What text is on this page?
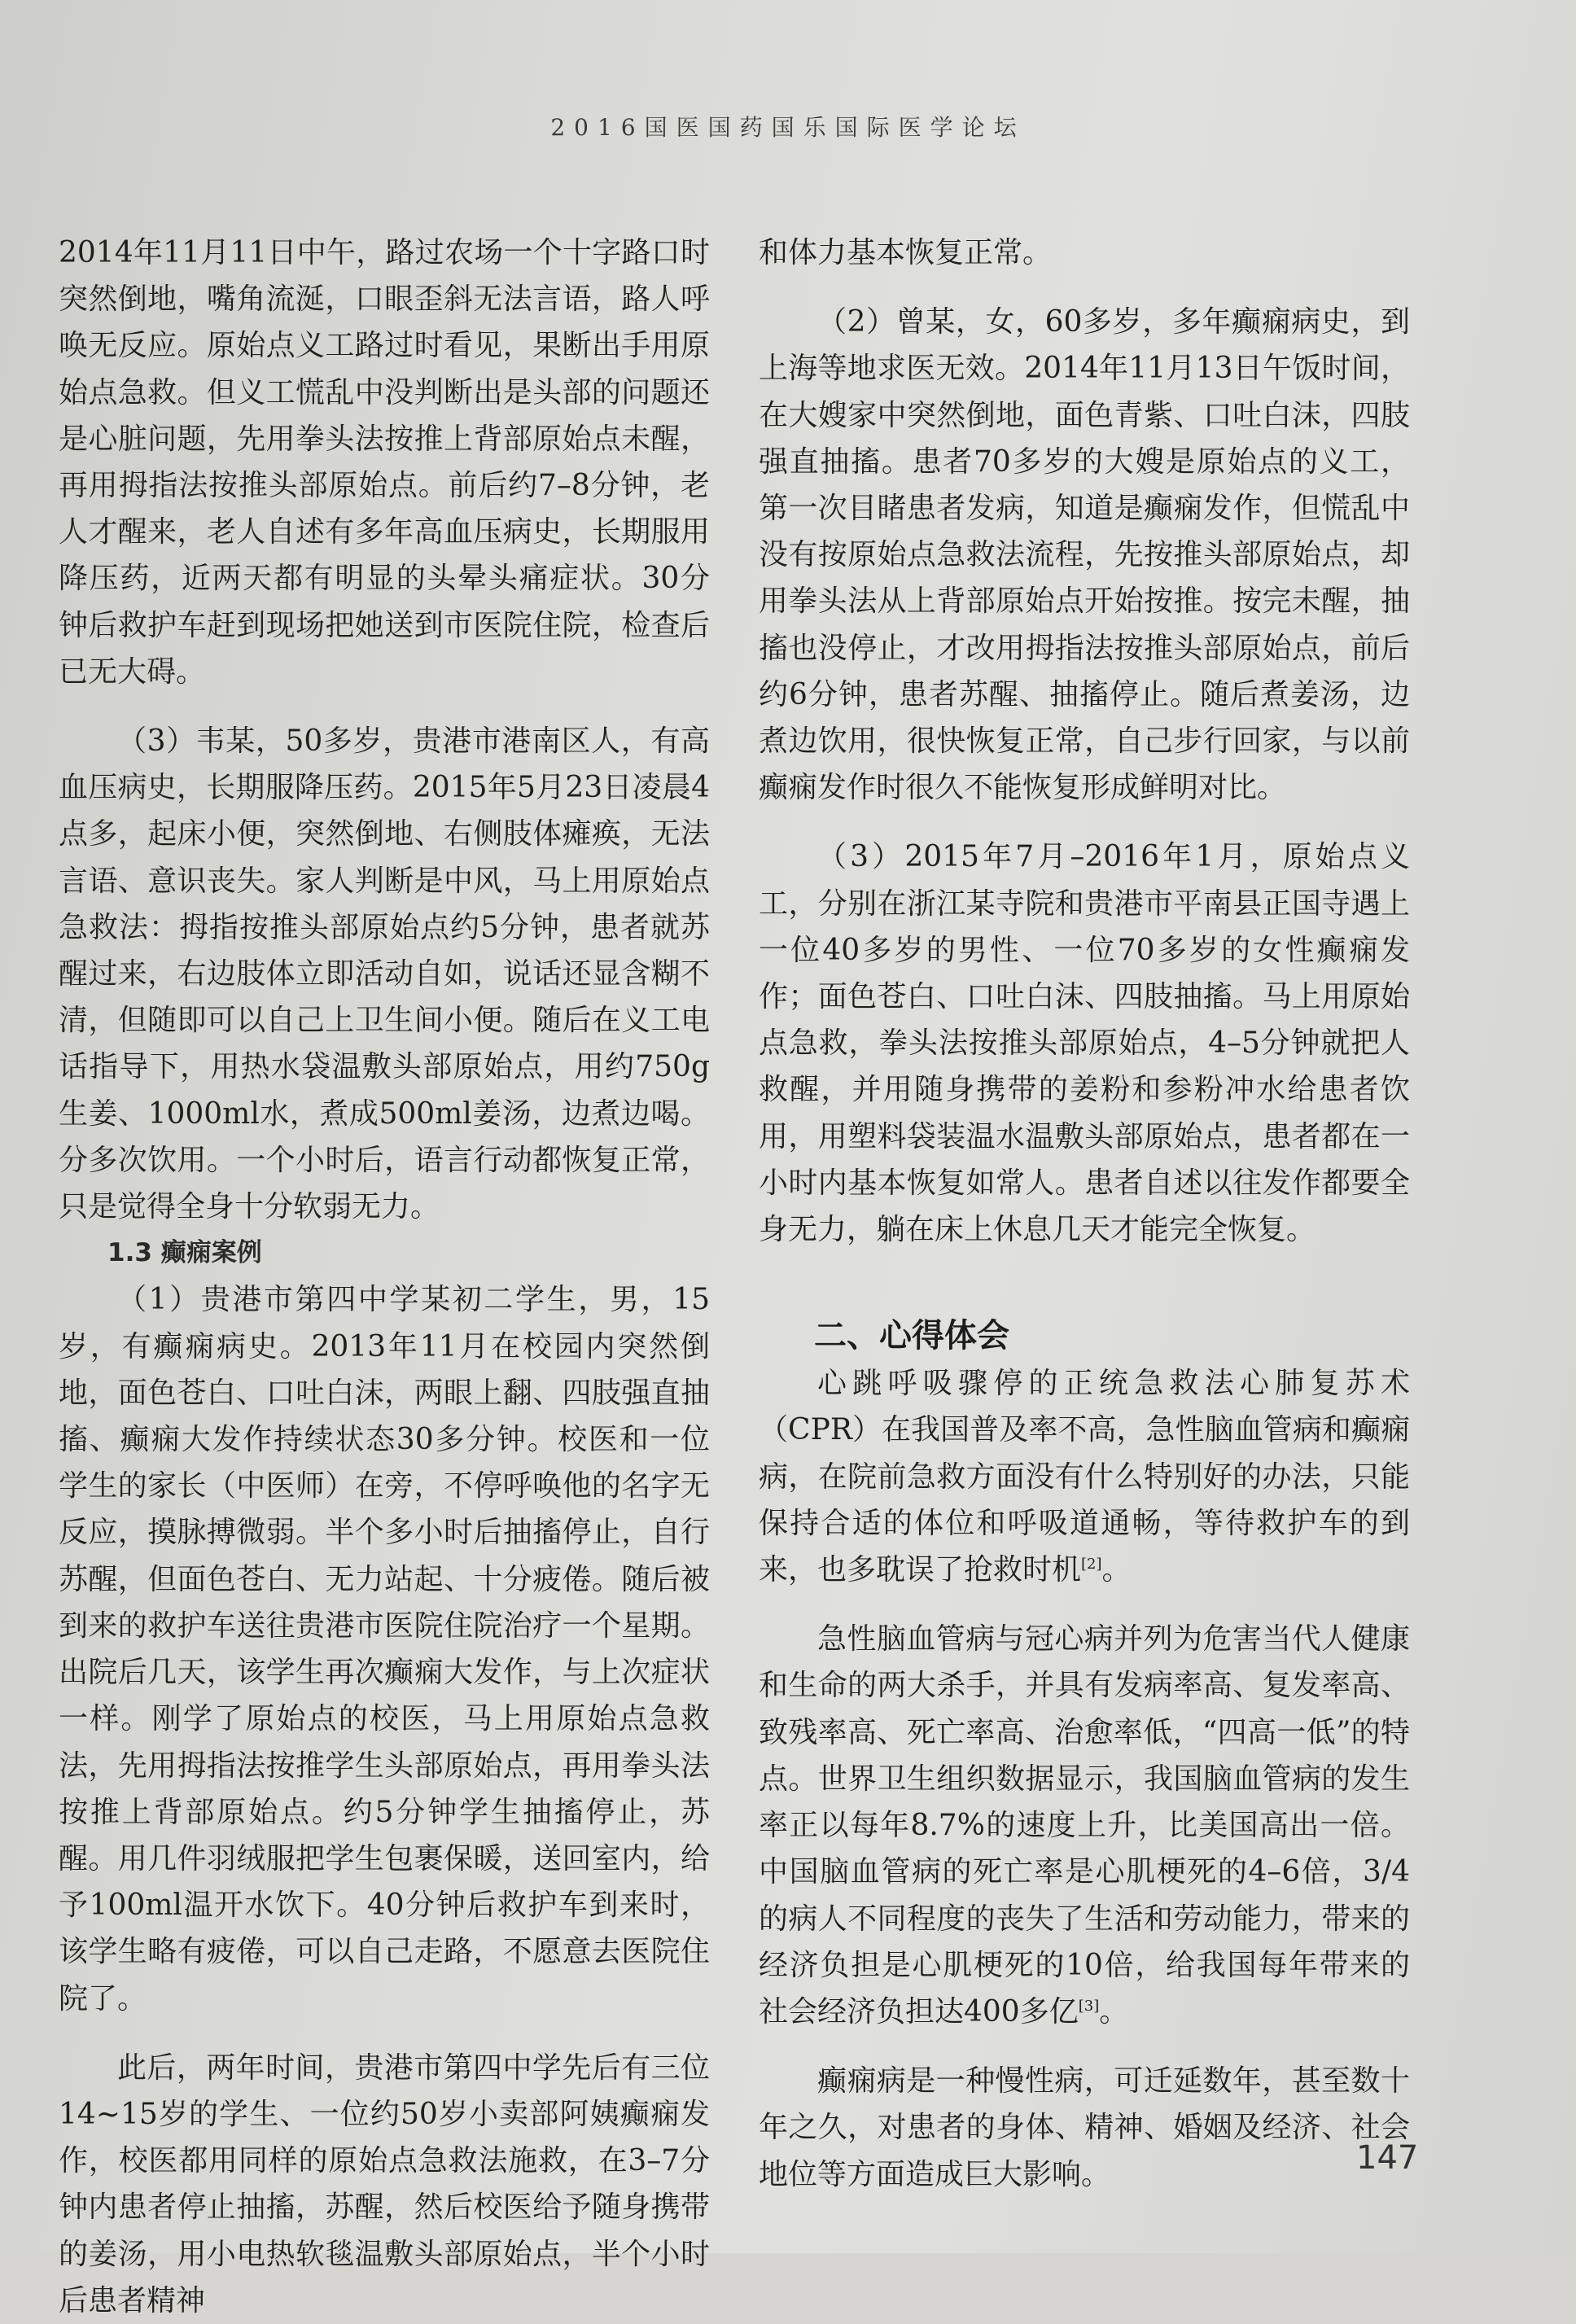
2016国医国药国乐国际医学论坛

2014年11月11日中午，路过农场一个十字路口时突然倒地，嘴角流涎，口眼歪斜无法言语，路人呼唤无反应。原始点义工路过时看见，果断出手用原始点急救。但义工慌乱中没判断出是头部的问题还是心脏问题，先用拳头法按推上背部原始点未醒，再用拇指法按推头部原始点。前后约7–8分钟，老人才醒来，老人自述有多年高血压病史，长期服用降压药，近两天都有明显的头晕头痛症状。30分钟后救护车赶到现场把她送到市医院住院，检查后已无大碍。

（3）韦某，50多岁，贵港市港南区人，有高血压病史，长期服降压药。2015年5月23日凌晨4点多，起床小便，突然倒地、右侧肢体瘫痪，无法言语、意识丧失。家人判断是中风，马上用原始点急救法：拇指按推头部原始点约5分钟，患者就苏醒过来，右边肢体立即活动自如，说话还显含糊不清，但随即可以自己上卫生间小便。随后在义工电话指导下，用热水袋温敷头部原始点，用约750g生姜、1000ml水，煮成500ml姜汤，边煮边喝。分多次饮用。一个小时后，语言行动都恢复正常，只是觉得全身十分软弱无力。

1.3 癫痫案例

（1）贵港市第四中学某初二学生，男，15岁，有癫痫病史。2013年11月在校园内突然倒地，面色苍白、口吐白沫，两眼上翻、四肢强直抽搐、癫痫大发作持续状态30多分钟。校医和一位学生的家长（中医师）在旁，不停呼唤他的名字无反应，摸脉搏微弱。半个多小时后抽搐停止，自行苏醒，但面色苍白、无力站起、十分疲倦。随后被到来的救护车送往贵港市医院住院治疗一个星期。出院后几天，该学生再次癫痫大发作，与上次症状一样。刚学了原始点的校医，马上用原始点急救法，先用拇指法按推学生头部原始点，再用拳头法按推上背部原始点。约5分钟学生抽搐停止，苏醒。用几件羽绒服把学生包裹保暖，送回室内，给予100ml温开水饮下。40分钟后救护车到来时，该学生略有疲倦，可以自己走路，不愿意去医院住院了。

此后，两年时间，贵港市第四中学先后有三位14~15岁的学生、一位约50岁小卖部阿姨癫痫发作，校医都用同样的原始点急救法施救，在3–7分钟内患者停止抽搐，苏醒，然后校医给予随身携带的姜汤，用小电热软毯温敷头部原始点，半个小时后患者精神

和体力基本恢复正常。

（2）曾某，女，60多岁，多年癫痫病史，到上海等地求医无效。2014年11月13日午饭时间，在大嫂家中突然倒地，面色青紫、口吐白沫，四肢强直抽搐。患者70多岁的大嫂是原始点的义工，第一次目睹患者发病，知道是癫痫发作，但慌乱中没有按原始点急救法流程，先按推头部原始点，却用拳头法从上背部原始点开始按推。按完未醒，抽搐也没停止，才改用拇指法按推头部原始点，前后约6分钟，患者苏醒、抽搐停止。随后煮姜汤，边煮边饮用，很快恢复正常，自己步行回家，与以前癫痫发作时很久不能恢复形成鲜明对比。

（3）2015年7月–2016年1月，原始点义工，分别在浙江某寺院和贵港市平南县正国寺遇上一位40多岁的男性、一位70多岁的女性癫痫发作；面色苍白、口吐白沫、四肢抽搐。马上用原始点急救，拳头法按推头部原始点，4–5分钟就把人救醒，并用随身携带的姜粉和参粉冲水给患者饮用，用塑料袋装温水温敷头部原始点，患者都在一小时内基本恢复如常人。患者自述以往发作都要全身无力，躺在床上休息几天才能完全恢复。

二、心得体会

心跳呼吸骤停的正统急救法心肺复苏术（CPR）在我国普及率不高，急性脑血管病和癫痫病，在院前急救方面没有什么特别好的办法，只能保持合适的体位和呼吸道通畅，等待救护车的到来，也多耽误了抢救时机[2]。

急性脑血管病与冠心病并列为危害当代人健康和生命的两大杀手，并具有发病率高、复发率高、致残率高、死亡率高、治愈率低，“四高一低”的特点。世界卫生组织数据显示，我国脑血管病的发生率正以每年8.7%的速度上升，比美国高出一倍。中国脑血管病的死亡率是心肌梗死的4–6倍，3/4的病人不同程度的丧失了生活和劳动能力，带来的经济负担是心肌梗死的10倍，给我国每年带来的社会经济负担达400多亿[3]。

癫痫病是一种慢性病，可迁延数年，甚至数十年之久，对患者的身体、精神、婚姻及经济、社会地位等方面造成巨大影响。	147
